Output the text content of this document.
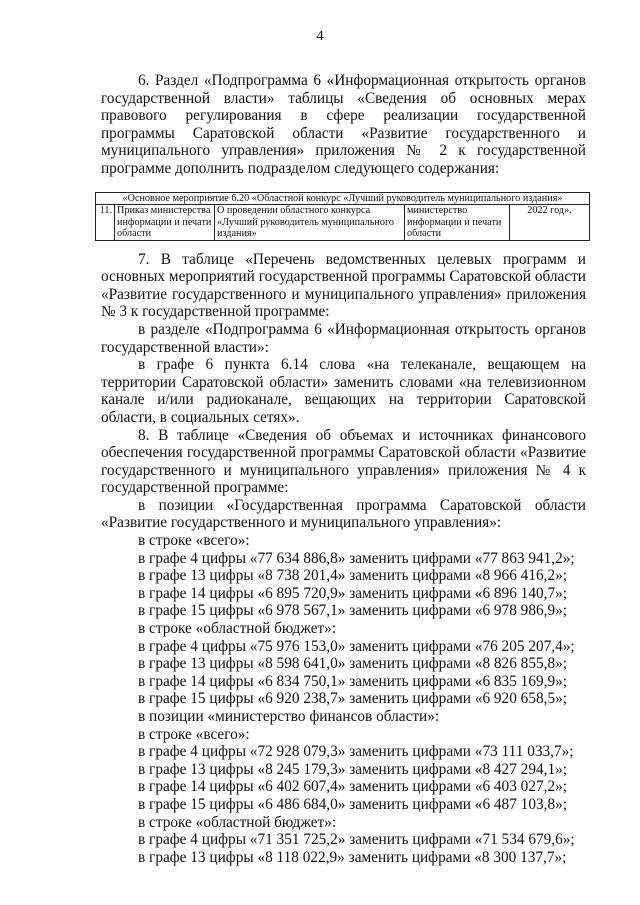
4

6. Раздел «Подпрограмма 6 «Информационная открытость органов государственной власти» таблицы «Сведения об основных мерах правового регулирования в сфере реализации государственной программы Саратовской области «Развитие государственного и муниципального управления» приложения № 2 к государственной программе дополнить подразделом следующего содержания:

«Основное мероприятие 6.20 «Областной конкурс «Лучший руководитель муниципального издания»
11.	Приказ министерства информации и печати области	О проведении областного конкурса «Лучший руководитель муниципального издания»	министерство информации и печати области	2022 год».

7. В таблице «Перечень ведомственных целевых программ и основных мероприятий государственной программы Саратовской области «Развитие государственного и муниципального управления» приложения № 3 к государственной программе:

в разделе «Подпрограмма 6 «Информационная открытость органов государственной власти»:

в графе 6 пункта 6.14 слова «на телеканале, вещающем на территории Саратовской области» заменить словами «на телевизионном канале и/или радиоканале, вещающих на территории Саратовской области, в социальных сетях».

8. В таблице «Сведения об объемах и источниках финансового обеспечения государственной программы Саратовской области «Развитие государственного и муниципального управления» приложения № 4 к государственной программе:

в позиции «Государственная программа Саратовской области «Развитие государственного и муниципального управления»:

в строке «всего»:

в графе 4 цифры «77 634 886,8» заменить цифрами «77 863 941,2»;

в графе 13 цифры «8 738 201,4» заменить цифрами «8 966 416,2»;

в графе 14 цифры «6 895 720,9» заменить цифрами «6 896 140,7»;

в графе 15 цифры «6 978 567,1» заменить цифрами «6 978 986,9»;

в строке «областной бюджет»:

в графе 4 цифры «75 976 153,0» заменить цифрами «76 205 207,4»;

в графе 13 цифры «8 598 641,0» заменить цифрами «8 826 855,8»;

в графе 14 цифры «6 834 750,1» заменить цифрами «6 835 169,9»;

в графе 15 цифры «6 920 238,7» заменить цифрами «6 920 658,5»;

в позиции «министерство финансов области»:

в строке «всего»:

в графе 4 цифры «72 928 079,3» заменить цифрами «73 111 033,7»;

в графе 13 цифры «8 245 179,3» заменить цифрами «8 427 294,1»;

в графе 14 цифры «6 402 607,4» заменить цифрами «6 403 027,2»;

в графе 15 цифры «6 486 684,0» заменить цифрами «6 487 103,8»;

в строке «областной бюджет»:

в графе 4 цифры «71 351 725,2» заменить цифрами «71 534 679,6»;

в графе 13 цифры «8 118 022,9» заменить цифрами «8 300 137,7»;
